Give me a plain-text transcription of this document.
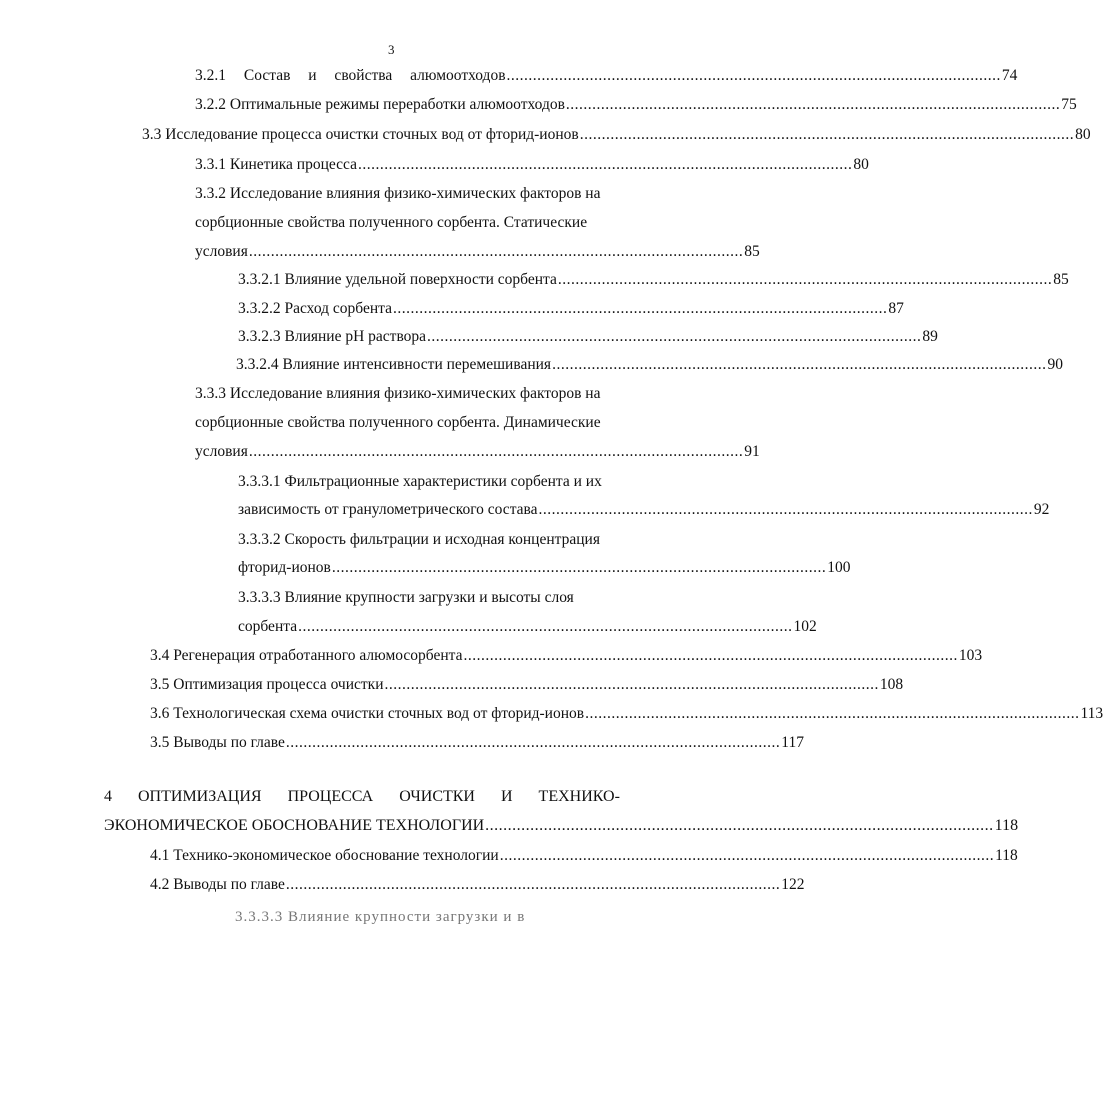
3
3.2.1 Состав и свойства алюмоотходов ................................................................................................................. 74
3.2.2 Оптимальные режимы переработки алюмоотходов ................................................................................................................. 75
3.3 Исследование процесса очистки сточных вод от фторид-ионов ................................................................................................................. 80
3.3.1 Кинетика процесса ................................................................................................................. 80
3.3.2 Исследование влияния физико-химических факторов на
сорбционные свойства полученного сорбента. Статические
условия ................................................................................................................. 85
3.3.2.1 Влияние удельной поверхности сорбента ................................................................................................................. 85
3.3.2.2 Расход сорбента ................................................................................................................. 87
3.3.2.3 Влияние pH раствора ................................................................................................................. 89
3.3.2.4 Влияние интенсивности перемешивания ................................................................................................................. 90
3.3.3 Исследование влияния физико-химических факторов на
сорбционные свойства полученного сорбента. Динамические
условия ................................................................................................................. 91
3.3.3.1 Фильтрационные характеристики сорбента и их
зависимость от гранулометрического состава ................................................................................................................. 92
3.3.3.2 Скорость фильтрации и исходная концентрация
фторид-ионов ................................................................................................................. 100
3.3.3.3 Влияние крупности загрузки и высоты слоя
сорбента ................................................................................................................. 102
3.4 Регенерация отработанного алюмосорбента ................................................................................................................. 103
3.5 Оптимизация процесса очистки ................................................................................................................. 108
3.6 Технологическая схема очистки сточных вод от фторид-ионов ................................................................................................................. 113
3.5 Выводы по главе ................................................................................................................. 117
4 ОПТИМИЗАЦИЯ ПРОЦЕССА ОЧИСТКИ И ТЕХНИКО-
ЭКОНОМИЧЕСКОЕ ОБОСНОВАНИЕ ТЕХНОЛОГИИ ................................................................................................................. 118
4.1 Технико-экономическое обоснование технологии ................................................................................................................. 118
4.2 Выводы по главе ................................................................................................................. 122
3.3.3.3 Влияние крупности загрузки и в
